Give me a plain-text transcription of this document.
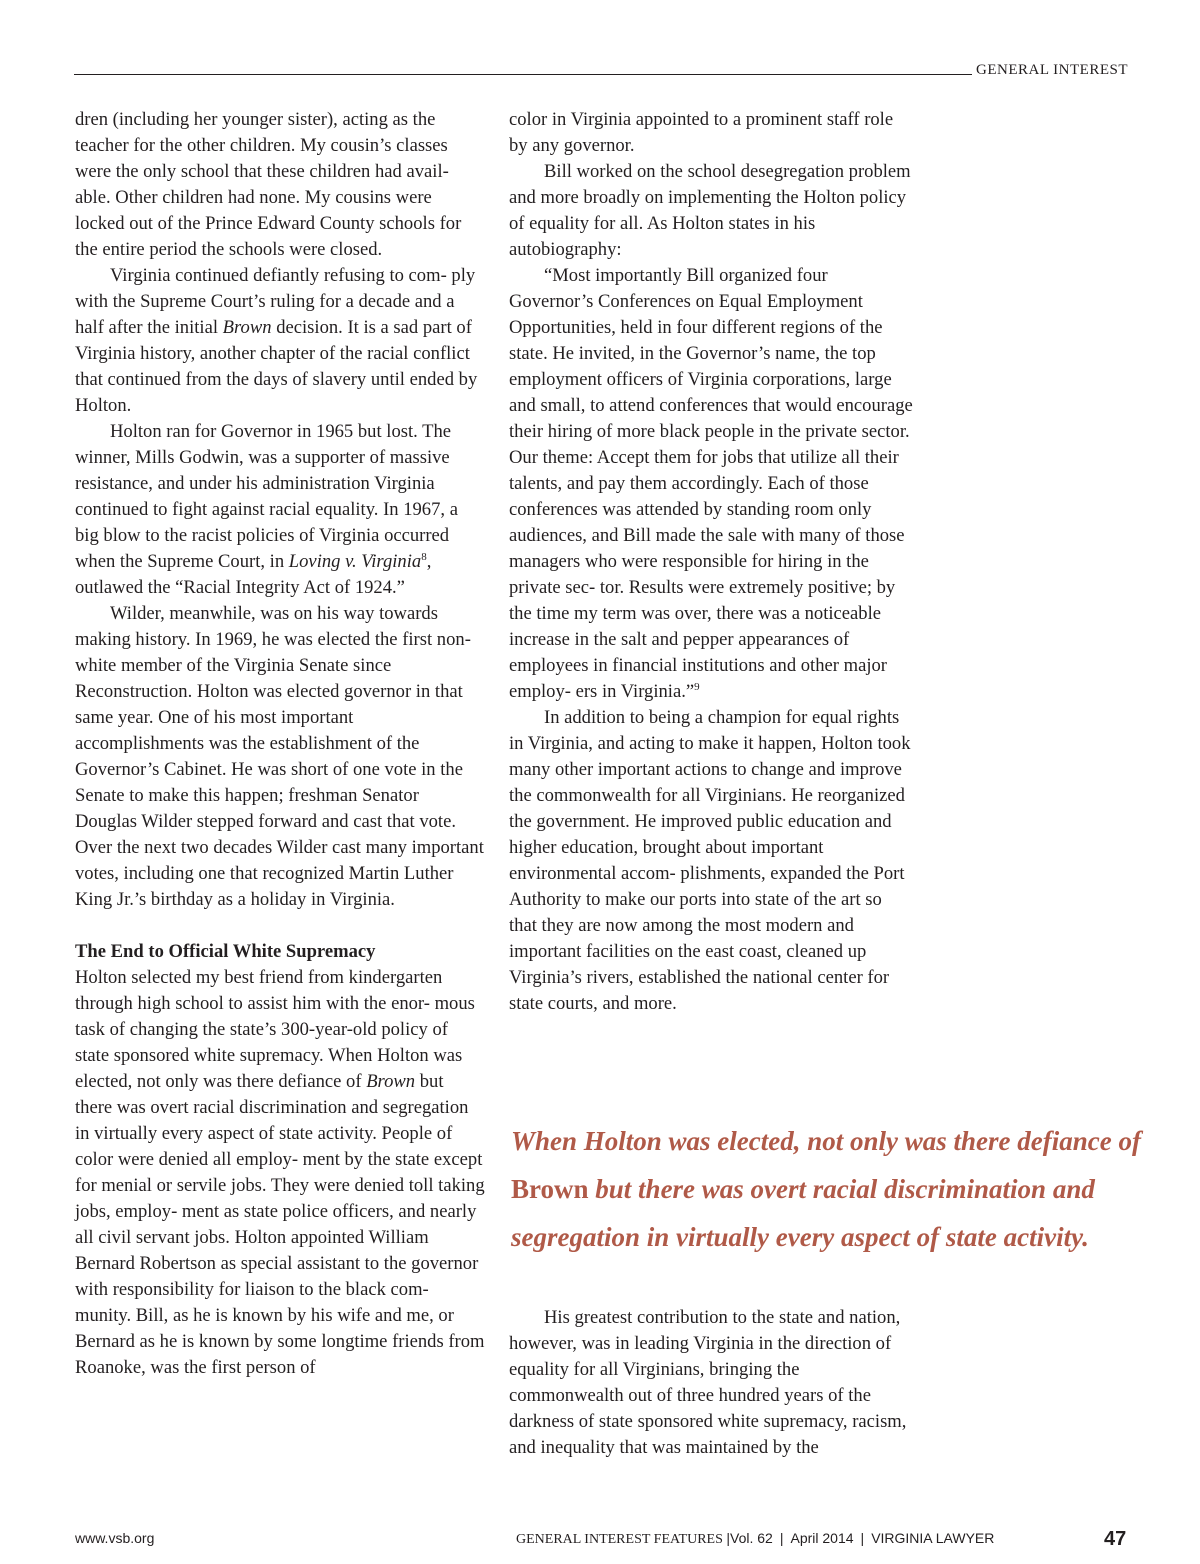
GENERAL INTEREST

dren (including her younger sister), acting as the teacher for the other children. My cousin’s classes were the only school that these children had avail- able. Other children had none. My cousins were locked out of the Prince Edward County schools for the entire period the schools were closed.

Virginia continued defiantly refusing to com- ply with the Supreme Court’s ruling for a decade and a half after the initial Brown decision. It is a sad part of Virginia history, another chapter of the racial conflict that continued from the days of slavery until ended by Holton.

Holton ran for Governor in 1965 but lost. The winner, Mills Godwin, was a supporter of massive resistance, and under his administration Virginia continued to fight against racial equality. In 1967, a big blow to the racist policies of Virginia occurred when the Supreme Court, in Loving v. Virginia$^8$, outlawed the “Racial Integrity Act of 1924.”

Wilder, meanwhile, was on his way towards making history. In 1969, he was elected the first non-white member of the Virginia Senate since Reconstruction. Holton was elected governor in that same year. One of his most important accomplishments was the establishment of the Governor’s Cabinet. He was short of one vote in the Senate to make this happen; freshman Senator Douglas Wilder stepped forward and cast that vote. Over the next two decades Wilder cast many important votes, including one that recognized Martin Luther King Jr.’s birthday as a holiday in Virginia.

The End to Official White Supremacy

Holton selected my best friend from kindergarten through high school to assist him with the enor- mous task of changing the state’s 300-year-old policy of state sponsored white supremacy. When Holton was elected, not only was there defiance of Brown but there was overt racial discrimination and segregation in virtually every aspect of state activity. People of color were denied all employ- ment by the state except for menial or servile jobs. They were denied toll taking jobs, employ- ment as state police officers, and nearly all civil servant jobs. Holton appointed William Bernard Robertson as special assistant to the governor with responsibility for liaison to the black com- munity. Bill, as he is known by his wife and me, or Bernard as he is known by some longtime friends from Roanoke, was the first person of

color in Virginia appointed to a prominent staff role by any governor.

Bill worked on the school desegregation problem and more broadly on implementing the Holton policy of equality for all. As Holton states in his autobiography:

“Most importantly Bill organized four Governor’s Conferences on Equal Employment Opportunities, held in four different regions of the state. He invited, in the Governor’s name, the top employment officers of Virginia corporations, large and small, to attend conferences that would encourage their hiring of more black people in the private sector. Our theme: Accept them for jobs that utilize all their talents, and pay them accordingly. Each of those conferences was attended by standing room only audiences, and Bill made the sale with many of those managers who were responsible for hiring in the private sec- tor. Results were extremely positive; by the time my term was over, there was a noticeable increase in the salt and pepper appearances of employees in financial institutions and other major employ- ers in Virginia.”$^9$

In addition to being a champion for equal rights in Virginia, and acting to make it happen, Holton took many other important actions to change and improve the commonwealth for all Virginians. He reorganized the government. He improved public education and higher education, brought about important environmental accom- plishments, expanded the Port Authority to make our ports into state of the art so that they are now among the most modern and important facilities on the east coast, cleaned up Virginia’s rivers, established the national center for state courts, and more.

When Holton was elected, not only was there defiance of Brown but there was overt racial discrimination and segregation in virtually every aspect of state activity.

His greatest contribution to the state and nation, however, was in leading Virginia in the direction of equality for all Virginians, bringing the commonwealth out of three hundred years of the darkness of state sponsored white supremacy, racism, and inequality that was maintained by the

www.vsb.org	GENERAL INTEREST FEATURES |Vol. 62 | April 2014 | VIRGINIA LAWYER	47
